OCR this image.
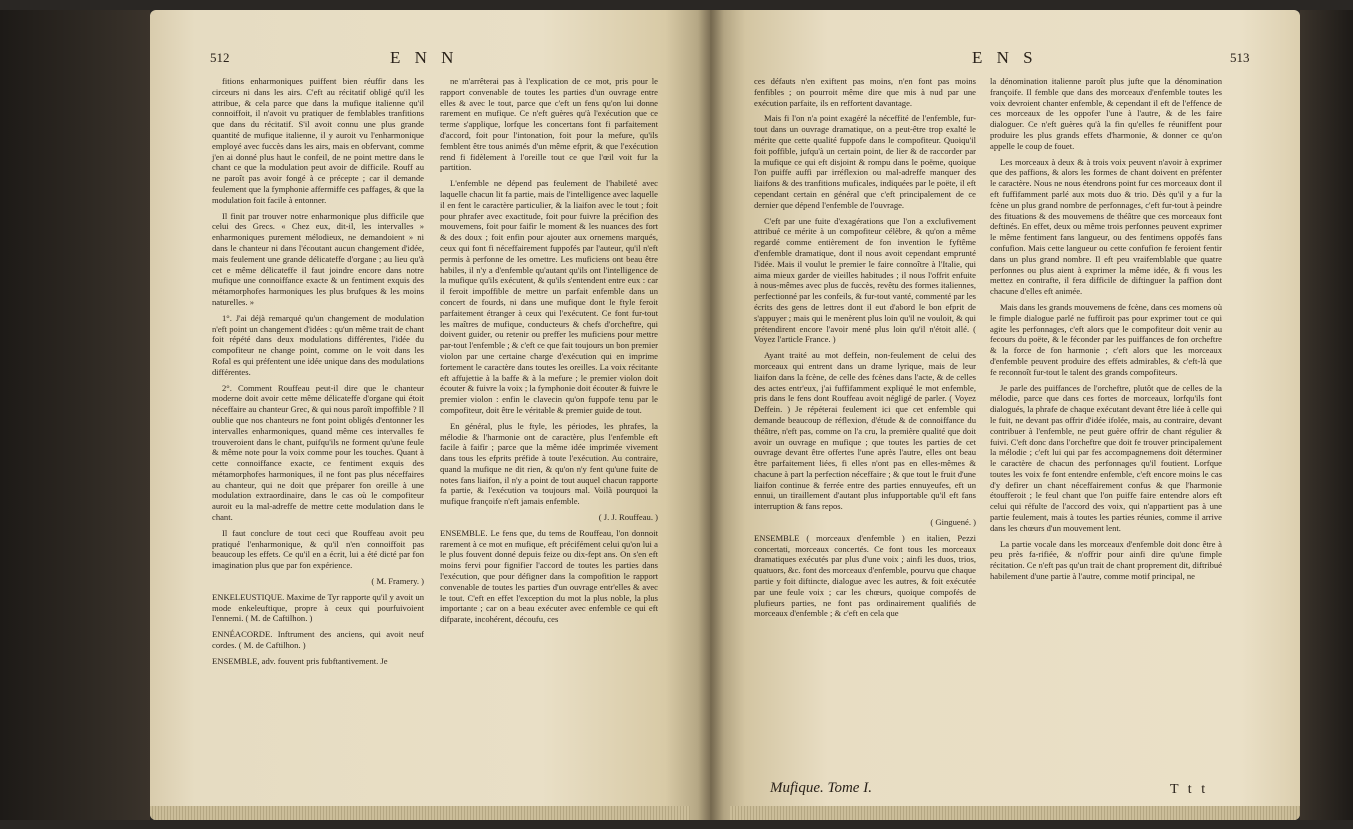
512	E N N

fitions enharmoniques puiffent bien réuffir dans les circeurs ni dans les airs. C'eft au récitatif obligé qu'il les attribue, & cela parce que dans la mufique italienne qu'il connoiffoit, il n'avoit vu pratiquer de femblables tranfitions que dans du récitatif. S'il avoit connu une plus grande quantité de mufique italienne, il y auroit vu l'enharmonique employé avec fuccès dans les airs, mais en obfervant, comme j'en ai donné plus haut le confeil, de ne point mettre dans le chant ce que la modulation peut avoir de difficile. Rouff au ne paroît pas avoir fongé à ce précepte ; car il demande feulement que la fymphonie affermiffe ces paffages, & que la modulation foit facile à entonner.

Il finit par trouver notre enharmonique plus difficile que celui des Grecs. « Chez eux, dit-il, les intervalles » enharmoniques purement mélodieux, ne demandoient » ni dans le chanteur ni dans l'écoutant aucun changement d'idée, mais feulement une grande délicateffe d'organe ; au lieu qu'à cet e même délicateffe il faut joindre encore dans notre mufique une connoiffance exacte & un fentiment exquis des métamorphofes harmoniques les plus brufques & les moins naturelles. »

1°. J'ai déjà remarqué qu'un changement de modulation n'eft point un changement d'idées : qu'un même trait de chant foit répété dans deux modulations différentes, l'idée du compofiteur ne change point, comme on le voit dans les Rofal es qui préfentent une idée unique dans des modulations différentes.

2°. Comment Rouffeau peut-il dire que le chanteur moderne doit avoir cette même délicateffe d'organe qui étoit néceffaire au chanteur Grec, & qui nous paroît impoffible ? Il oublie que nos chanteurs ne font point obligés d'entonner les intervalles enharmoniques, quand même ces intervalles fe trouveroient dans le chant, puifqu'ils ne forment qu'une feule & même note pour la voix comme pour les touches. Quant à cette connoiffance exacte, ce fentiment exquis des métamorphofes harmoniques, il ne font pas plus néceffaires au chanteur, qui ne doit que préparer fon oreille à une modulation extraordinaire, dans le cas où le compofiteur auroit eu la mal-adreffe de mettre cette modulation dans le chant.

Il faut conclure de tout ceci que Rouffeau avoit peu pratiqué l'enharmonique, & qu'il n'en connoiffoit pas beaucoup les effets. Ce qu'il en a écrit, lui a été dicté par fon imagination plus que par fon expérience.

( M. Framery. )

ENKELEUSTIQUE. Maxime de Tyr rapporte qu'il y avoit un mode enkeleuftique, propre à ceux qui pourfuivoient l'ennemi. ( M. de Caftilhon. )

ENNÉACORDE. Inftrument des anciens, qui avoit neuf cordes. ( M. de Caftilhon. )

ENSEMBLE, adv. fouvent pris fubftantivement. Je

ne m'arrêterai pas à l'explication de ce mot, pris pour le rapport convenable de toutes les parties d'un ouvrage entre elles & avec le tout, parce que c'eft un fens qu'on lui donne rarement en mufique. Ce n'eft guères qu'à l'exécution que ce terme s'applique, lorfque les concertans font fi parfaitement d'accord, foit pour l'intonation, foit pour la mefure, qu'ils femblent être tous animés d'un même efprit, & que l'exécution rend fi fidèlement à l'oreille tout ce que l'œil voit fur la partition.

L'enfemble ne dépend pas feulement de l'habileté avec laquelle chacun lit fa partie, mais de l'intelligence avec laquelle il en fent le caractère particulier, & la liaifon avec le tout ; foit pour phrafer avec exactitude, foit pour fuivre la précifion des mouvemens, foit pour faifir le moment & les nuances des fort & des doux ; foit enfin pour ajouter aux ornemens marqués, ceux qui font fi néceffairement fuppofés par l'auteur, qu'il n'eft permis à perfonne de les omettre. Les muficiens ont beau être habiles, il n'y a d'enfemble qu'autant qu'ils ont l'intelligence de la mufique qu'ils exécutent, & qu'ils s'entendent entre eux : car il feroit impoffible de mettre un parfait enfemble dans un concert de fourds, ni dans une mufique dont le ftyle feroit parfaitement étranger à ceux qui l'exécutent. Ce font fur-tout les maîtres de mufique, conducteurs & chefs d'orcheftre, qui doivent guider, ou retenir ou preffer les muficiens pour mettre par-tout l'enfemble ; & c'eft ce que fait toujours un bon premier violon par une certaine charge d'exécution qui en imprime fortement le caractère dans toutes les oreilles. La voix récitante eft affujettie à la baffe & à la mefure ; le premier violon doit écouter & fuivre la voix ; la fymphonie doit écouter & fuivre le premier violon : enfin le clavecin qu'on fuppofe tenu par le compofiteur, doit être le véritable & premier guide de tout.

En général, plus le ftyle, les périodes, les phrafes, la mélodie & l'harmonie ont de caractère, plus l'enfemble eft facile à faifir ; parce que la même idée imprimée vivement dans tous les efprits préfide à toute l'exécution. Au contraire, quand la mufique ne dit rien, & qu'on n'y fent qu'une fuite de notes fans liaifon, il n'y a point de tout auquel chacun rapporte fa partie, & l'exécution va toujours mal. Voilà pourquoi la mufique françoife n'eft jamais enfemble.

( J. J. Rouffeau. )

ENSEMBLE. Le fens que, du tems de Rouffeau, l'on donnoit rarement à ce mot en mufique, eft précifément celui qu'on lui a le plus fouvent donné depuis feize ou dix-fept ans. On s'en eft moins fervi pour fignifier l'accord de toutes les parties dans l'exécution, que pour défigner dans la compofition le rapport convenable de toutes les parties d'un ouvrage entr'elles & avec le tout. C'eft en effet l'exception du mot la plus noble, la plus importante ; car on a beau exécuter avec enfemble ce qui eft difparate, incohérent, découfu, ces

E N S	513

ces défauts n'en exiftent pas moins, n'en font pas moins fenfibles ; on pourroit même dire que mis à nud par une exécution parfaite, ils en reffortent davantage.

Mais fi l'on n'a point exagéré la néceffité de l'enfemble, fur-tout dans un ouvrage dramatique, on a peut-être trop exalté le mérite que cette qualité fuppofe dans le compofiteur. Quoiqu'il foit poffible, jufqu'à un certain point, de lier & de raccorder par la mufique ce qui eft disjoint & rompu dans le poëme, quoique l'on puiffe auffi par irréflexion ou mal-adreffe manquer des liaifons & des tranfitions muficales, indiquées par le poëte, il eft cependant certain en général que c'eft principalement de ce dernier que dépend l'enfemble de l'ouvrage.

C'eft par une fuite d'exagérations que l'on a exclufivement attribué ce mérite à un compofiteur célèbre, & qu'on a même regardé comme entièrement de fon invention le fyftême d'enfemble dramatique, dont il nous avoit cependant emprunté l'idée. Mais il voulut le premier le faire connoître à l'Italie, qui aima mieux garder de vieilles habitudes ; il nous l'offrit enfuite à nous-mêmes avec plus de fuccès, revêtu des formes italiennes, perfectionné par les confeils, & fur-tout vanté, commenté par les écrits des gens de lettres dont il eut d'abord le bon efprit de s'appuyer ; mais qui le menèrent plus loin qu'il ne vouloit, & qui prétendirent encore l'avoir mené plus loin qu'il n'étoit allé. ( Voyez l'article France. )

Ayant traité au mot deffein, non-feulement de celui des morceaux qui entrent dans un drame lyrique, mais de leur liaifon dans la fcène, de celle des fcènes dans l'acte, & de celles des actes entr'eux, j'ai fuffifamment expliqué le mot enfemble, pris dans le fens dont Rouffeau avoit négligé de parler. ( Voyez Deffein. ) Je répéterai feulement ici que cet enfemble qui demande beaucoup de réflexion, d'étude & de connoiffance du théâtre, n'eft pas, comme on l'a cru, la première qualité que doit avoir un ouvrage en mufique ; que toutes les parties de cet ouvrage devant être offertes l'une après l'autre, elles ont beau être parfaitement liées, fi elles n'ont pas en elles-mêmes & chacune à part la perfection néceffaire ; & que tout le fruit d'une liaifon continue & ferrée entre des parties ennuyeufes, eft un ennui, un tiraillement d'autant plus infupportable qu'il eft fans interruption & fans repos.

( Ginguené. )

ENSEMBLE ( morceaux d'enfemble ) en italien, Pezzi concertati, morceaux concertés. Ce font tous les morceaux dramatiques exécutés par plus d'une voix ; ainfi les duos, trios, quatuors, &c. font des morceaux d'enfemble, pourvu que chaque partie y foit diftincte, dialogue avec les autres, & foit exécutée par une feule voix ; car les chœurs, quoique compofés de plufieurs parties, ne font pas ordinairement qualifiés de morceaux d'enfemble ; & c'eft en cela que

Mufique. Tome I.

la dénomination italienne paroît plus jufte que la dénomination françoife. Il femble que dans des morceaux d'enfemble toutes les voix devroient chanter enfemble, & cependant il eft de l'effence de ces morceaux de les oppofer l'une à l'autre, & de les faire dialoguer. Ce n'eft guères qu'à la fin qu'elles fe réuniffent pour produire les plus grands effets d'harmonie, & donner ce qu'on appelle le coup de fouet.

Les morceaux à deux & à trois voix peuvent n'avoir à exprimer que des paffions, & alors les formes de chant doivent en préfenter le caractère. Nous ne nous étendrons point fur ces morceaux dont il eft fuffifamment parlé aux mots duo & trio. Dès qu'il y a fur la fcène un plus grand nombre de perfonnages, c'eft fur-tout à peindre des fituations & des mouvemens de théâtre que ces morceaux font deftinés. En effet, deux ou même trois perfonnes peuvent exprimer le même fentiment fans langueur, ou des fentimens oppofés fans confufion. Mais cette langueur ou cette confufion fe feroient fentir dans un plus grand nombre. Il eft peu vraifemblable que quatre perfonnes ou plus aient à exprimer la même idée, & fi vous les mettez en contrafte, il fera difficile de diftinguer la paffion dont chacune d'elles eft animée.

Mais dans les grands mouvemens de fcène, dans ces momens où le fimple dialogue parlé ne fuffiroit pas pour exprimer tout ce qui agite les perfonnages, c'eft alors que le compofiteur doit venir au fecours du poëte, & le féconder par les puiffances de fon orcheftre & la force de fon harmonie ; c'eft alors que les morceaux d'enfemble peuvent produire des effets admirables, & c'eft-là que fe reconnoît fur-tout le talent des grands compofiteurs.

Je parle des puiffances de l'orcheftre, plutôt que de celles de la mélodie, parce que dans ces fortes de morceaux, lorfqu'ils font dialogués, la phrafe de chaque exécutant devant être liée à celle qui le fuit, ne devant pas offrir d'idée ifolée, mais, au contraire, devant contribuer à l'enfemble, ne peut guère offrir de chant régulier & fuivi. C'eft donc dans l'orcheftre que doit fe trouver principalement la mélodie ; c'eft lui qui par fes accompagnemens doit déterminer le caractère de chacun des perfonnages qu'il foutient. Lorfque toutes les voix fe font entendre enfemble, c'eft encore moins le cas d'y defirer un chant néceffairement confus & que l'harmonie étoufferoit ; le feul chant que l'on puiffe faire entendre alors eft celui qui réfulte de l'accord des voix, qui n'appartient pas à une partie feulement, mais à toutes les parties réunies, comme il arrive dans les chœurs d'un mouvement lent.

La partie vocale dans les morceaux d'enfemble doit donc être à peu près fa-rifiée, & n'offrir pour ainfi dire qu'une fimple récitation. Ce n'eft pas qu'un trait de chant proprement dit, diftribué habilement d'une partie à l'autre, comme motif principal, ne

T t t
